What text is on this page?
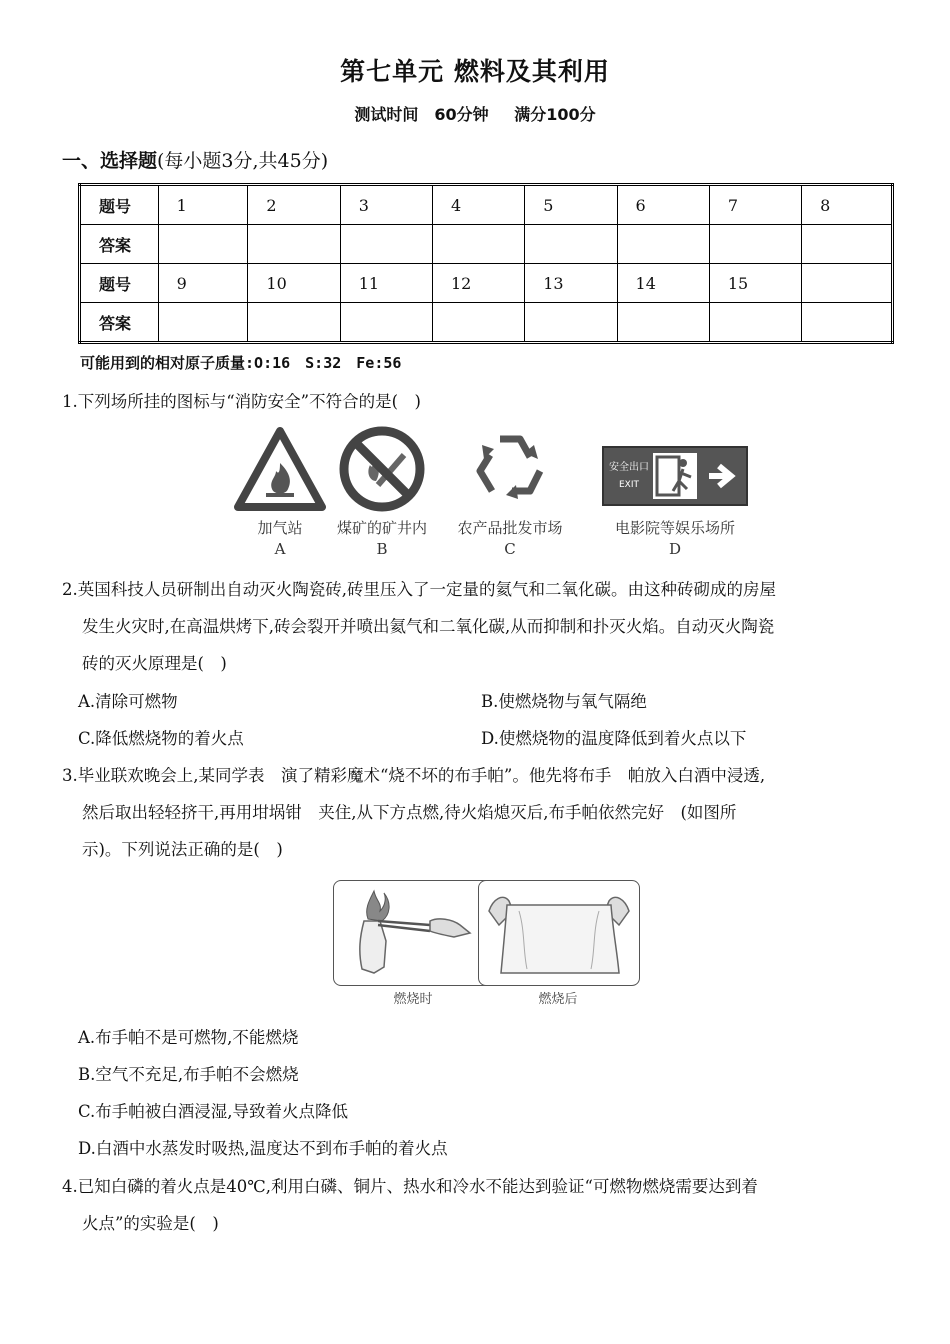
第七单元 燃料及其利用
测试时间　60分钟 满分100分
一、选择题(每小题3分,共45分)
题号	1	2	3	4	5	6	7	8
答案								
题号	9	10	11	12	13	14	15	
答案								
可能用到的相对原子质量:O:16　S:32　Fe:56
1.下列场所挂的图标与“消防安全”不符合的是(　)
加气站
A
煤矿的矿井内
B
农产品批发市场
C
安全出口
EXIT
电影院等娱乐场所
D
2.英国科技人员研制出自动灭火陶瓷砖,砖里压入了一定量的氦气和二氧化碳。由这种砖砌成的房屋
发生火灾时,在高温烘烤下,砖会裂开并喷出氦气和二氧化碳,从而抑制和扑灭火焰。自动灭火陶瓷
砖的灭火原理是(　)
A.清除可燃物	B.使燃烧物与氧气隔绝
C.降低燃烧物的着火点	D.使燃烧物的温度降低到着火点以下
3.毕业联欢晚会上,某同学表　演了精彩魔术“烧不坏的布手帕”。他先将布手　帕放入白酒中浸透,
然后取出轻轻挤干,再用坩埚钳　夹住,从下方点燃,待火焰熄灭后,布手帕依然完好　(如图所
示)。下列说法正确的是(　)
燃烧时	燃烧后
A.布手帕不是可燃物,不能燃烧
B.空气不充足,布手帕不会燃烧
C.布手帕被白酒浸湿,导致着火点降低
D.白酒中水蒸发时吸热,温度达不到布手帕的着火点
4.已知白磷的着火点是40℃,利用白磷、铜片、热水和冷水不能达到验证“可燃物燃烧需要达到着
火点”的实验是(　)
